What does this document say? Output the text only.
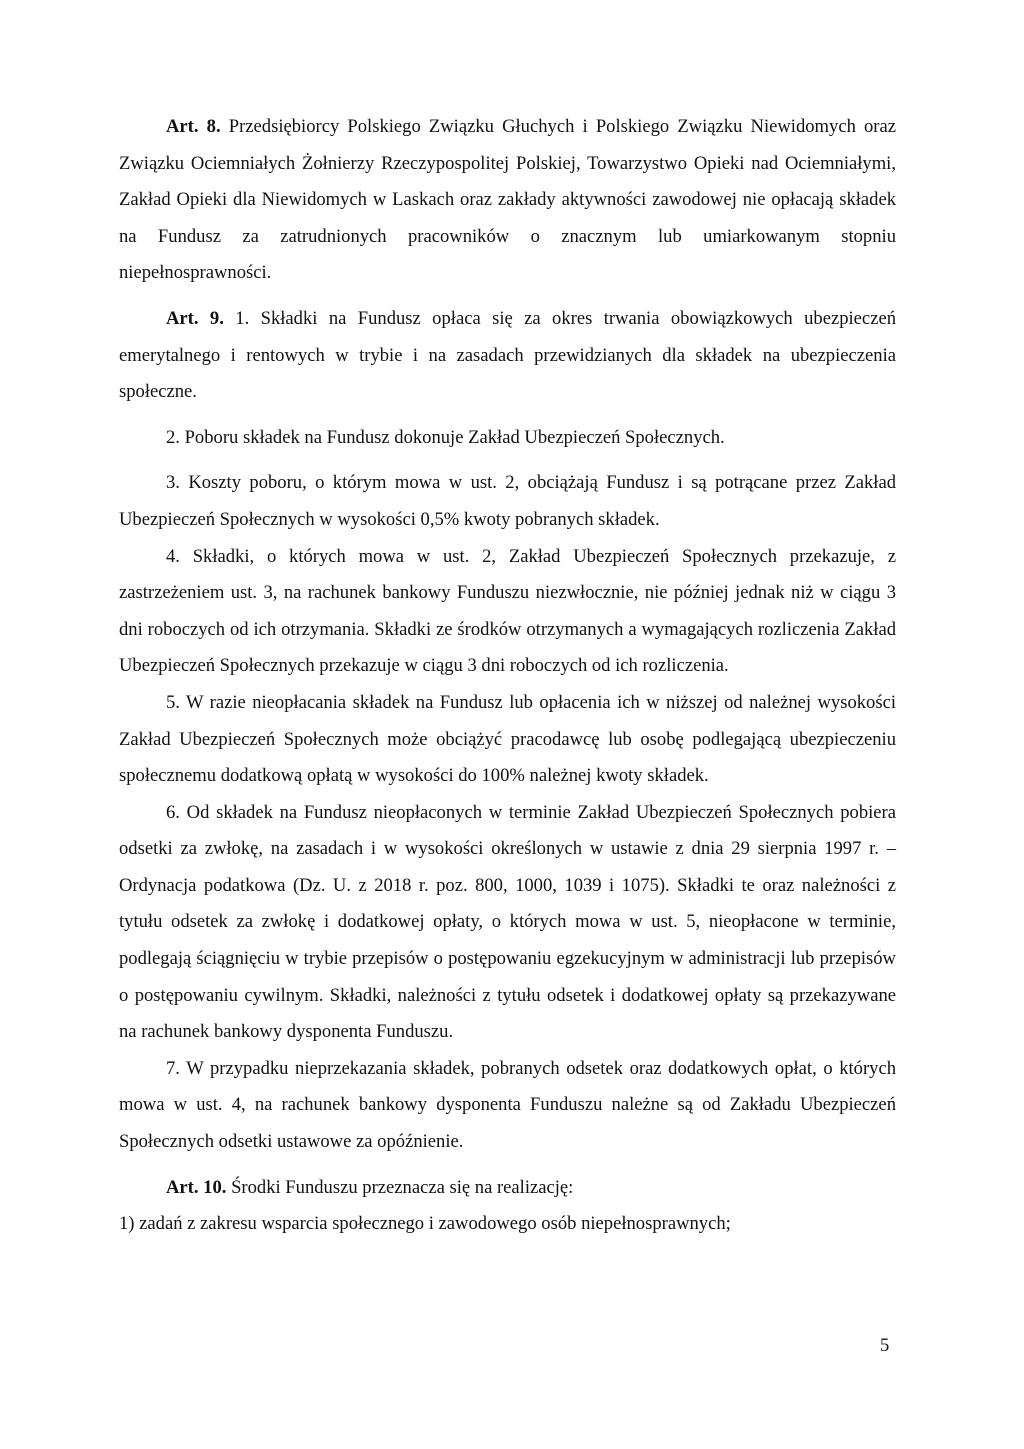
Art. 8. Przedsiębiorcy Polskiego Związku Głuchych i Polskiego Związku Niewidomych oraz Związku Ociemniałych Żołnierzy Rzeczypospolitej Polskiej, Towarzystwo Opieki nad Ociemniałymi, Zakład Opieki dla Niewidomych w Laskach oraz zakłady aktywności zawodowej nie opłacają składek na Fundusz za zatrudnionych pracowników o znacznym lub umiarkowanym stopniu niepełnosprawności.

Art. 9. 1. Składki na Fundusz opłaca się za okres trwania obowiązkowych ubezpieczeń emerytalnego i rentowych w trybie i na zasadach przewidzianych dla składek na ubezpieczenia społeczne.

2. Poboru składek na Fundusz dokonuje Zakład Ubezpieczeń Społecznych.

3. Koszty poboru, o którym mowa w ust. 2, obciążają Fundusz i są potrącane przez Zakład Ubezpieczeń Społecznych w wysokości 0,5% kwoty pobranych składek.

4. Składki, o których mowa w ust. 2, Zakład Ubezpieczeń Społecznych przekazuje, z zastrzeżeniem ust. 3, na rachunek bankowy Funduszu niezwłocznie, nie później jednak niż w ciągu 3 dni roboczych od ich otrzymania. Składki ze środków otrzymanych a wymagających rozliczenia Zakład Ubezpieczeń Społecznych przekazuje w ciągu 3 dni roboczych od ich rozliczenia.

5. W razie nieopłacania składek na Fundusz lub opłacenia ich w niższej od należnej wysokości Zakład Ubezpieczeń Społecznych może obciążyć pracodawcę lub osobę podlegającą ubezpieczeniu społecznemu dodatkową opłatą w wysokości do 100% należnej kwoty składek.

6. Od składek na Fundusz nieopłaconych w terminie Zakład Ubezpieczeń Społecznych pobiera odsetki za zwłokę, na zasadach i w wysokości określonych w ustawie z dnia 29 sierpnia 1997 r. – Ordynacja podatkowa (Dz. U. z 2018 r. poz. 800, 1000, 1039 i 1075). Składki te oraz należności z tytułu odsetek za zwłokę i dodatkowej opłaty, o których mowa w ust. 5, nieopłacone w terminie, podlegają ściągnięciu w trybie przepisów o postępowaniu egzekucyjnym w administracji lub przepisów o postępowaniu cywilnym. Składki, należności z tytułu odsetek i dodatkowej opłaty są przekazywane na rachunek bankowy dysponenta Funduszu.

7. W przypadku nieprzekazania składek, pobranych odsetek oraz dodatkowych opłat, o których mowa w ust. 4, na rachunek bankowy dysponenta Funduszu należne są od Zakładu Ubezpieczeń Społecznych odsetki ustawowe za opóźnienie.

Art. 10. Środki Funduszu przeznacza się na realizację:

1) zadań z zakresu wsparcia społecznego i zawodowego osób niepełnosprawnych;

5
